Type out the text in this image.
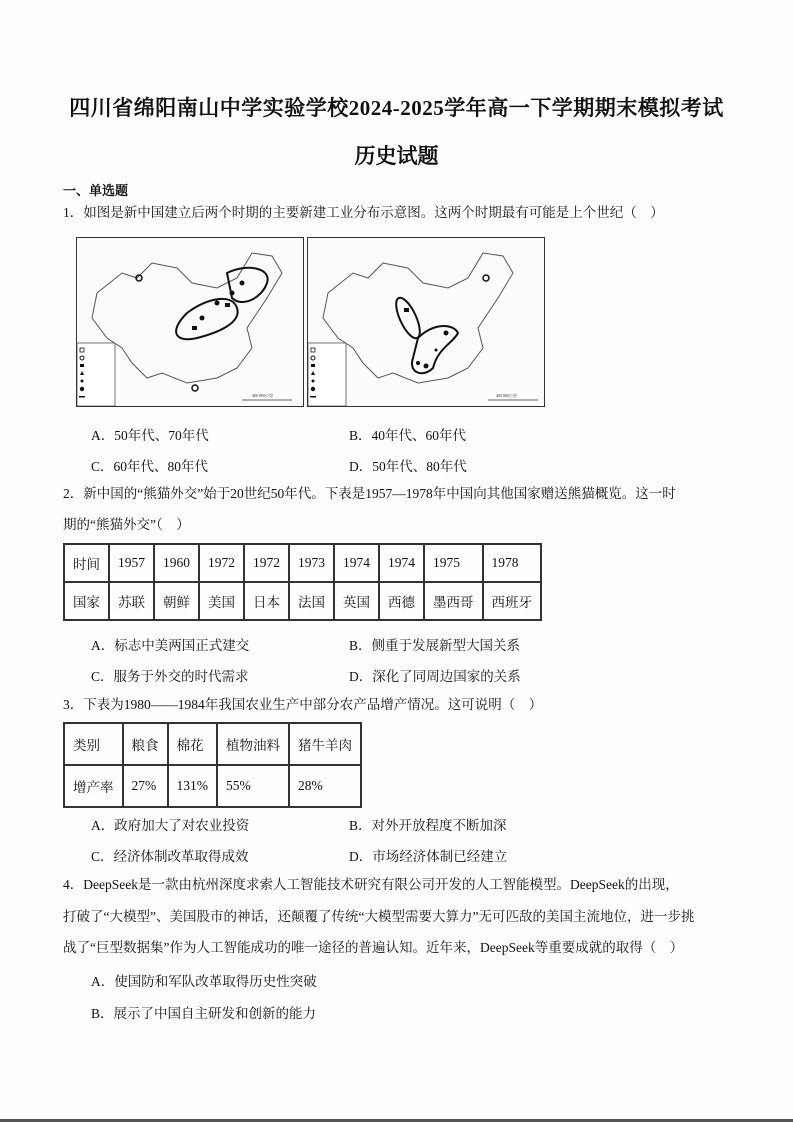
四川省绵阳南山中学实验学校2024-2025学年高一下学期期末模拟考试
历史试题
一、单选题
1．如图是新中国建立后两个时期的主要新建工业分布示意图。这两个时期最有可能是上个世纪（　）
400 800公里	400 800公里
A．50年代、70年代	B．40年代、60年代
C．60年代、80年代	D．50年代、80年代
2．新中国的“熊猫外交”始于20世纪50年代。下表是1957—1978年中国向其他国家赠送熊猫概览。这一时
期的“熊猫外交”（　）
时间	1957	1960	1972	1972	1973	1974	1974	1975	1978
国家	苏联	朝鲜	美国	日本	法国	英国	西德	墨西哥	西班牙
A．标志中美两国正式建交	B．侧重于发展新型大国关系
C．服务于外交的时代需求	D．深化了同周边国家的关系
3．下表为1980——1984年我国农业生产中部分农产品增产情况。这可说明（　）
类别	粮食	棉花	植物油料	猪牛羊肉
增产率	27%	131%	55%	28%
A．政府加大了对农业投资	B．对外开放程度不断加深
C．经济体制改革取得成效	D．市场经济体制已经建立
4．DeepSeek是一款由杭州深度求索人工智能技术研究有限公司开发的人工智能模型。DeepSeek的出现，
打破了“大模型”、美国股市的神话，还颠覆了传统“大模型需要大算力”无可匹敌的美国主流地位，进一步挑
战了“巨型数据集”作为人工智能成功的唯一途径的普遍认知。近年来，DeepSeek等重要成就的取得（　）
A．使国防和军队改革取得历史性突破
B．展示了中国自主研发和创新的能力
